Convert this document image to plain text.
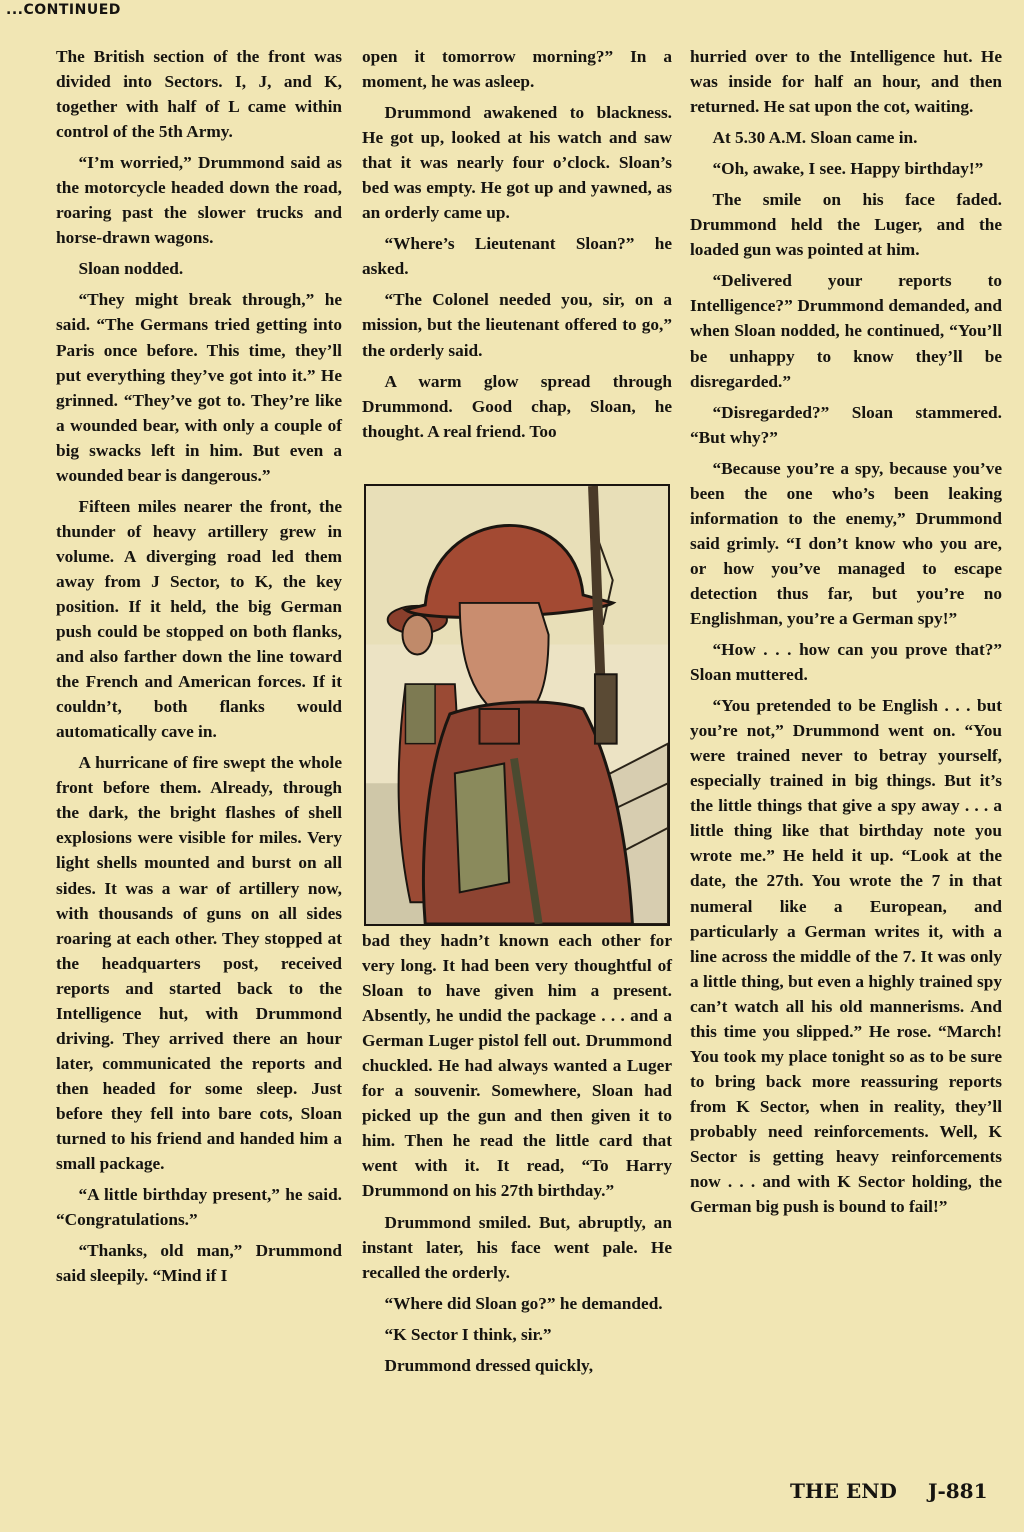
...CONTINUED

The British section of the front was divided into Sectors. I, J, and K, together with half of L came within control of the 5th Army.

“I’m worried,” Drummond said as the motorcycle headed down the road, roaring past the slower trucks and horse-drawn wagons.

Sloan nodded.

“They might break through,” he said. “The Germans tried getting into Paris once before. This time, they’ll put everything they’ve got into it.” He grinned. “They’ve got to. They’re like a wounded bear, with only a couple of big swacks left in him. But even a wounded bear is dangerous.”

Fifteen miles nearer the front, the thunder of heavy artillery grew in volume. A diverging road led them away from J Sector, to K, the key position. If it held, the big German push could be stopped on both flanks, and also farther down the line toward the French and American forces. If it couldn’t, both flanks would automatically cave in.

A hurricane of fire swept the whole front before them. Already, through the dark, the bright flashes of shell explosions were visible for miles. Very light shells mounted and burst on all sides. It was a war of artillery now, with thousands of guns on all sides roaring at each other. They stopped at the headquarters post, received reports and started back to the Intelligence hut, with Drummond driving. They arrived there an hour later, communicated the reports and then headed for some sleep. Just before they fell into bare cots, Sloan turned to his friend and handed him a small package.

“A little birthday present,” he said. “Congratulations.”

“Thanks, old man,” Drummond said sleepily. “Mind if I

open it tomorrow morning?” In a moment, he was asleep.

Drummond awakened to blackness. He got up, looked at his watch and saw that it was nearly four o’clock. Sloan’s bed was empty. He got up and yawned, as an orderly came up.

“Where’s Lieutenant Sloan?” he asked.

“The Colonel needed you, sir, on a mission, but the lieutenant offered to go,” the orderly said.

A warm glow spread through Drummond. Good chap, Sloan, he thought. A real friend. Too

bad they hadn’t known each other for very long. It had been very thoughtful of Sloan to have given him a present. Absently, he undid the package . . . and a German Luger pistol fell out. Drummond chuckled. He had always wanted a Luger for a souvenir. Somewhere, Sloan had picked up the gun and then given it to him. Then he read the little card that went with it. It read, “To Harry Drummond on his 27th birthday.”

Drummond smiled. But, abruptly, an instant later, his face went pale. He recalled the orderly.

“Where did Sloan go?” he demanded.

“K Sector I think, sir.”

Drummond dressed quickly,

hurried over to the Intelligence hut. He was inside for half an hour, and then returned. He sat upon the cot, waiting.

At 5.30 A.M. Sloan came in.

“Oh, awake, I see. Happy birthday!”

The smile on his face faded. Drummond held the Luger, and the loaded gun was pointed at him.

“Delivered your reports to Intelligence?” Drummond demanded, and when Sloan nodded, he continued, “You’ll be unhappy to know they’ll be disregarded.”

“Disregarded?” Sloan stammered. “But why?”

“Because you’re a spy, because you’ve been the one who’s been leaking information to the enemy,” Drummond said grimly. “I don’t know who you are, or how you’ve managed to escape detection thus far, but you’re no Englishman, you’re a German spy!”

“How . . . how can you prove that?” Sloan muttered.

“You pretended to be English . . . but you’re not,” Drummond went on. “You were trained never to betray yourself, especially trained in big things. But it’s the little things that give a spy away . . . a little thing like that birthday note you wrote me.” He held it up. “Look at the date, the 27th. You wrote the 7 in that numeral like a European, and particularly a German writes it, with a line across the middle of the 7. It was only a little thing, but even a highly trained spy can’t watch all his old mannerisms. And this time you slipped.” He rose. “March! You took my place tonight so as to be sure to bring back more reassuring reports from K Sector, when in reality, they’ll probably need reinforcements. Well, K Sector is getting heavy reinforcements now . . . and with K Sector holding, the German big push is bound to fail!”

THE END J-881
